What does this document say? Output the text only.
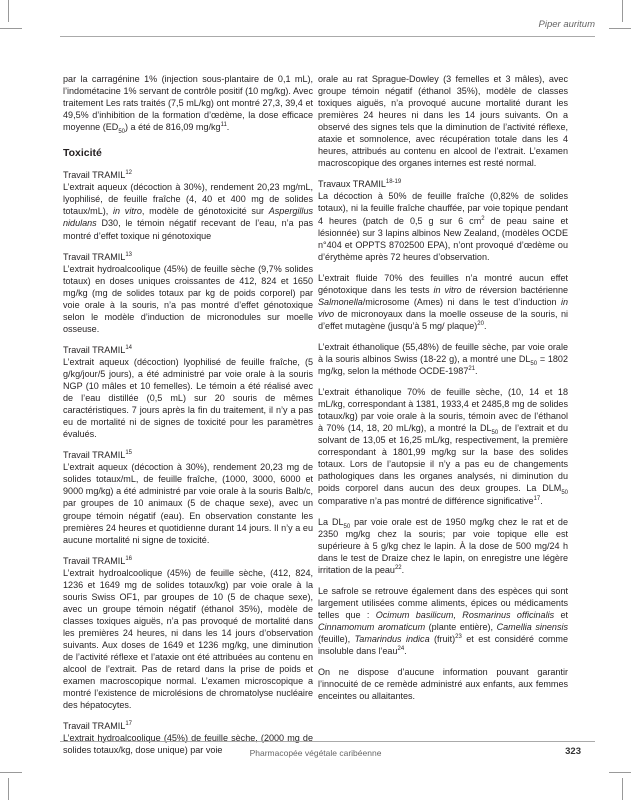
Piper auritum

par la carragénine 1% (injection sous-plantaire de 0,1 mL), l’indométacine 1% servant de contrôle positif (10 mg/kg). Avec traitement Les rats traités (7,5 mL/kg) ont montré 27,3, 39,4 et 49,5% d’inhibition de la formation d’œdème, la dose efficace moyenne $(ED_{50})$ a été de 816,09 $mg/kg^{11}$.

Toxicité

Travail TRAMIL$^{12}$

L’extrait aqueux (décoction à 30%), rendement 20,23 mg/mL, lyophilisé, de feuille fraîche (4, 40 et 400 mg de solides totaux/mL), in vitro, modèle de génotoxicité sur Aspergillus nidulans D30, le témoin négatif recevant de l’eau, n’a pas montré d’effet toxique ni génotoxique

Travail TRAMIL$^{13}$

L’extrait hydroalcoolique (45%) de feuille sèche (9,7% solides totaux) en doses uniques croissantes de 412, 824 et 1650 mg/kg (mg de solides totaux par kg de poids corporel) par voie orale à la souris, n’a pas montré d’effet génotoxique selon le modèle d’induction de micronodules sur moelle osseuse.

Travail TRAMIL$^{14}$

L’extrait aqueux (décoction) lyophilisé de feuille fraîche, (5 g/kg/jour/5 jours), a été administré par voie orale à la souris NGP (10 mâles et 10 femelles). Le témoin a été réalisé avec de l’eau distillée (0,5 mL) sur 20 souris de mêmes caractéristiques. 7 jours après la fin du traitement, il n’y a pas eu de mortalité ni de signes de toxicité pour les paramètres évalués.

Travail TRAMIL$^{15}$

L’extrait aqueux (décoction à 30%), rendement 20,23 mg de solides totaux/mL, de feuille fraîche, (1000, 3000, 6000 et 9000 mg/kg) a été administré par voie orale à la souris Balb/c, par groupes de 10 animaux (5 de chaque sexe), avec un groupe témoin négatif (eau). En observation constante les premières 24 heures et quotidienne durant 14 jours. Il n’y a eu aucune mortalité ni signe de toxicité.

Travail TRAMIL$^{16}$

L’extrait hydroalcoolique (45%) de feuille sèche, (412, 824, 1236 et 1649 mg de solides totaux/kg) par voie orale à la souris Swiss OF1, par groupes de 10 (5 de chaque sexe), avec un groupe témoin négatif (éthanol 35%), modèle de classes toxiques aiguës, n’a pas provoqué de mortalité dans les premières 24 heures, ni dans les 14 jours d’observation suivants. Aux doses de 1649 et 1236 mg/kg, une diminution de l’activité réflexe et l’ataxie ont été attribuées au contenu en alcool de l’extrait. Pas de retard dans la prise de poids et examen macroscopique normal. L’examen microscopique a montré l’existence de microlésions de chromatolyse nucléaire des hépatocytes.

Travail TRAMIL$^{17}$

L’extrait hydroalcoolique (45%) de feuille sèche, (2000 mg de solides totaux/kg, dose unique) par voie

orale au rat Sprague-Dowley (3 femelles et 3 mâles), avec groupe témoin négatif (éthanol 35%), modèle de classes toxiques aiguës, n’a provoqué aucune mortalité durant les premières 24 heures ni dans les 14 jours suivants. On a observé des signes tels que la diminution de l’activité réflexe, ataxie et somnolence, avec récupération totale dans les 4 heures, attribués au contenu en alcool de l’extrait. L’examen macroscopique des organes internes est resté normal.

Travaux TRAMIL$^{18-19}$

La décoction à 50% de feuille fraîche (0,82% de solides totaux), ni la feuille fraîche chauffée, par voie topique pendant 4 heures (patch de 0,5 g sur 6 $cm^2$ de peau saine et lésionnée) sur 3 lapins albinos New Zealand, (modèles OCDE n°404 et OPPTS 8702500 EPA), n’ont provoqué d’œdème ou d’érythème après 72 heures d’observation.

L’extrait fluide 70% des feuilles n’a montré aucun effet génotoxique dans les tests in vitro de réversion bactérienne Salmonella/microsome (Ames) ni dans le test d’induction in vivo de micronoyaux dans la moelle osseuse de la souris, ni d’effet mutagène (jusqu’à 5 mg/ plaque)$^{20}$.

L’extrait éthanolique (55,48%) de feuille sèche, par voie orale à la souris albinos Swiss (18-22 g), a montré une $DL_{50} = 1802$ mg/kg, selon la méthode OCDE-1987$^{21}$.

L’extrait éthanolique 70% de feuille sèche, (10, 14 et 18 mL/kg, correspondant à 1381, 1933,4 et 2485,8 mg de solides totaux/kg) par voie orale à la souris, témoin avec de l’éthanol à 70% (14, 18, 20 mL/kg), a montré la $DL_{50}$ de l’extrait et du solvant de 13,05 et 16,25 mL/kg, respectivement, la première correspondant à 1801,99 mg/kg sur la base des solides totaux. Lors de l’autopsie il n’y a pas eu de changements pathologiques dans les organes analysés, ni diminution du poids corporel dans aucun des deux groupes. La $DLM_{50}$ comparative n’a pas montré de différence significative$^{17}$.

La $DL_{50}$ par voie orale est de 1950 mg/kg chez le rat et de 2350 mg/kg chez la souris; par voie topique elle est supérieure à 5 g/kg chez le lapin. À la dose de 500 mg/24 h dans le test de Draize chez le lapin, on enregistre une légère irritation de la peau$^{22}$.

Le safrole se retrouve également dans des espèces qui sont largement utilisées comme aliments, épices ou médicaments telles que : Ocimum basilicum, Rosmarinus officinalis et Cinnamomum aromaticum (plante entière), Camellia sinensis (feuille), Tamarindus indica (fruit)$^{23}$ et est considéré comme insoluble dans l’eau$^{24}$.

On ne dispose d’aucune information pouvant garantir l’innocuité de ce remède administré aux enfants, aux femmes enceintes ou allaitantes.

Pharmacopée végétale caribéenne	323
